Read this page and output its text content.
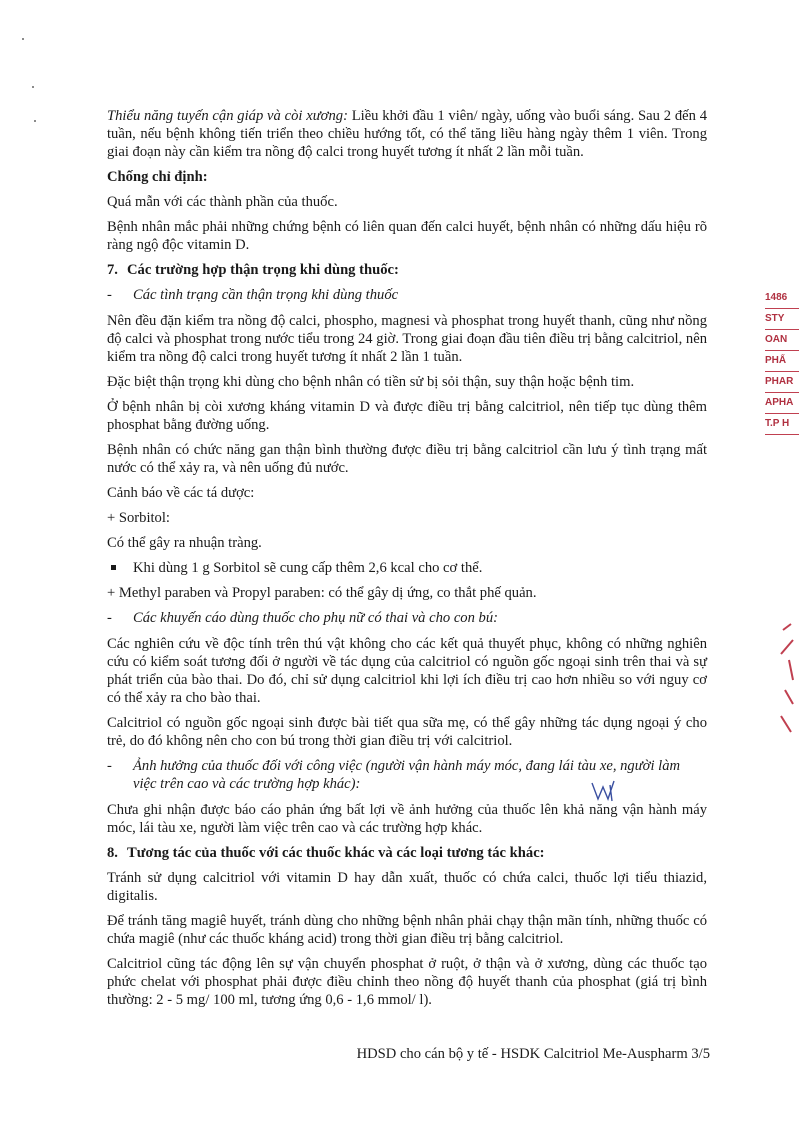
Thiểu năng tuyến cận giáp và còi xương: Liều khởi đầu 1 viên/ ngày, uống vào buổi sáng. Sau 2 đến 4 tuần, nếu bệnh không tiến triển theo chiều hướng tốt, có thể tăng liều hàng ngày thêm 1 viên. Trong giai đoạn này cần kiểm tra nồng độ calci trong huyết tương ít nhất 2 lần mỗi tuần.

Chống chỉ định:

Quá mẫn với các thành phần của thuốc.

Bệnh nhân mắc phải những chứng bệnh có liên quan đến calci huyết, bệnh nhân có những dấu hiệu rõ ràng ngộ độc vitamin D.

7. Các trường hợp thận trọng khi dùng thuốc:
-	Các tình trạng cần thận trọng khi dùng thuốc

Nên đều đặn kiểm tra nồng độ calci, phospho, magnesi và phosphat trong huyết thanh, cũng như nồng độ calci và phosphat trong nước tiểu trong 24 giờ. Trong giai đoạn đầu tiên điều trị bằng calcitriol, nên kiểm tra nồng độ calci trong huyết tương ít nhất 2 lần 1 tuần.

Đặc biệt thận trọng khi dùng cho bệnh nhân có tiền sử bị sỏi thận, suy thận hoặc bệnh tim.

Ở bệnh nhân bị còi xương kháng vitamin D và được điều trị bằng calcitriol, nên tiếp tục dùng thêm phosphat bằng đường uống.

Bệnh nhân có chức năng gan thận bình thường được điều trị bằng calcitriol cần lưu ý tình trạng mất nước có thể xảy ra, và nên uống đủ nước.

Cảnh báo về các tá dược:

+ Sorbitol:

Có thể gây ra nhuận tràng.

Khi dùng 1 g Sorbitol sẽ cung cấp thêm 2,6 kcal cho cơ thể.

+ Methyl paraben và Propyl paraben: có thể gây dị ứng, co thắt phế quản.

-	Các khuyến cáo dùng thuốc cho phụ nữ có thai và cho con bú:

Các nghiên cứu về độc tính trên thú vật không cho các kết quả thuyết phục, không có những nghiên cứu có kiểm soát tương đối ở người về tác dụng của calcitriol có nguồn gốc ngoại sinh trên thai và sự phát triển của bào thai. Do đó, chỉ sử dụng calcitriol khi lợi ích điều trị cao hơn nhiều so với nguy cơ có thể xảy ra cho bào thai.

Calcitriol có nguồn gốc ngoại sinh được bài tiết qua sữa mẹ, có thể gây những tác dụng ngoại ý cho trẻ, do đó không nên cho con bú trong thời gian điều trị với calcitriol.

-	Ảnh hưởng của thuốc đối với công việc (người vận hành máy móc, đang lái tàu xe, người làm việc trên cao và các trường hợp khác):

Chưa ghi nhận được báo cáo phản ứng bất lợi về ảnh hưởng của thuốc lên khả năng vận hành máy móc, lái tàu xe, người làm việc trên cao và các trường hợp khác.

8. Tương tác của thuốc với các thuốc khác và các loại tương tác khác:

Tránh sử dụng calcitriol với vitamin D hay dẫn xuất, thuốc có chứa calci, thuốc lợi tiểu thiazid, digitalis.

Để tránh tăng magiê huyết, tránh dùng cho những bệnh nhân phải chạy thận mãn tính, những thuốc có chứa magiê (như các thuốc kháng acid) trong thời gian điều trị bằng calcitriol.

Calcitriol cũng tác động lên sự vận chuyển phosphat ở ruột, ở thận và ở xương, dùng các thuốc tạo phức chelat với phosphat phải được điều chỉnh theo nồng độ huyết thanh của phosphat (giá trị bình thường: 2 - 5 mg/ 100 ml, tương ứng 0,6 - 1,6 mmol/ l).

1486
STY
OAN
PHẨ
PHAR
APHA
T.P H
HDSD cho cán bộ y tế - HSDK Calcitriol Me-Auspharm 3/5
